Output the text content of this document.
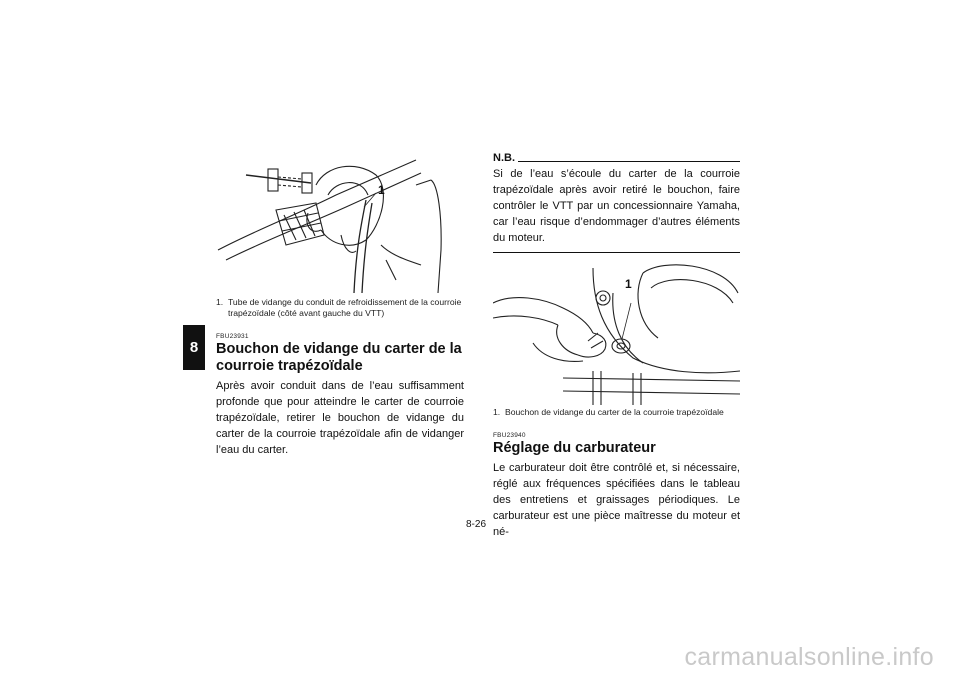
8
1
1. Tube de vidange du conduit de refroidissement de la courroie trapézoïdale (côté avant gauche du VTT)
FBU23931
Bouchon de vidange du carter de la courroie trapézoïdale

Après avoir conduit dans de l’eau suffisamment profonde que pour atteindre le carter de courroie trapézoïdale, retirer le bouchon de vidange du carter de la courroie trapézoïdale afin de vidanger l’eau du carter.

N.B.

Si de l’eau s’écoule du carter de la courroie trapézoïdale après avoir retiré le bouchon, faire contrôler le VTT par un concessionnaire Yamaha, car l’eau risque d’endommager d’autres éléments du moteur.

1
1. Bouchon de vidange du carter de la courroie trapézoïdale
FBU23940
Réglage du carburateur

Le carburateur doit être contrôlé et, si nécessaire, réglé aux fréquences spécifiées dans le tableau des entretiens et graissages périodiques. Le carburateur est une pièce maîtresse du moteur et né-

8-26
carmanualsonline.info
